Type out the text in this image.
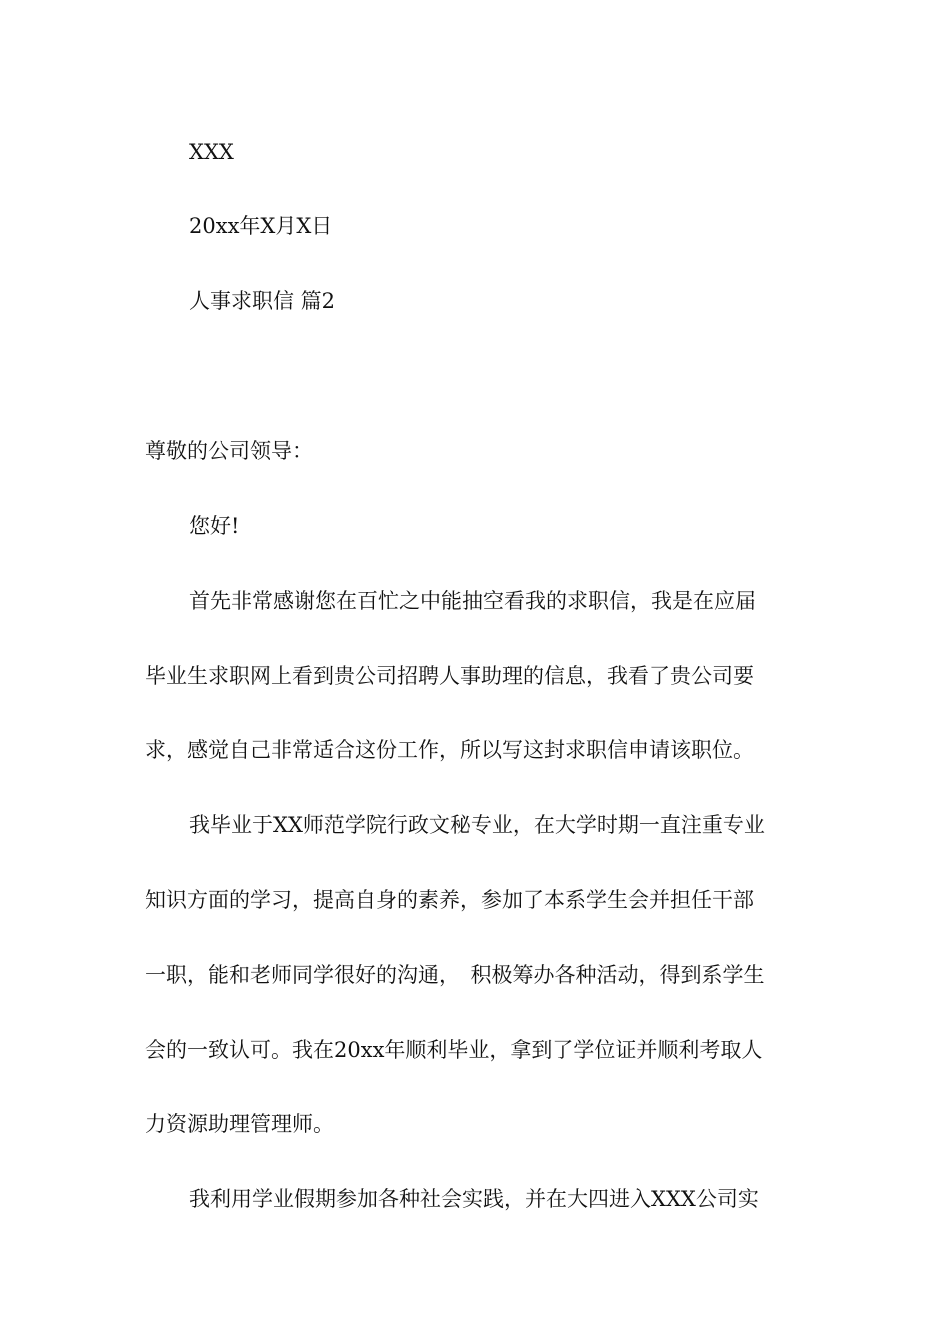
XXX
20xx年X月X日
人事求职信 篇2
尊敬的公司领导：
您好!
首先非常感谢您在百忙之中能抽空看我的求职信，我是在应届
毕业生求职网上看到贵公司招聘人事助理的信息，我看了贵公司要
求，感觉自己非常适合这份工作，所以写这封求职信申请该职位。
我毕业于XX师范学院行政文秘专业，在大学时期一直注重专业
知识方面的学习，提高自身的素养，参加了本系学生会并担任干部
一职，能和老师同学很好的沟通，　积极筹办各种活动，得到系学生
会的一致认可。我在20xx年顺利毕业，拿到了学位证并顺利考取人
力资源助理管理师。
我利用学业假期参加各种社会实践，并在大四进入XXX公司实
